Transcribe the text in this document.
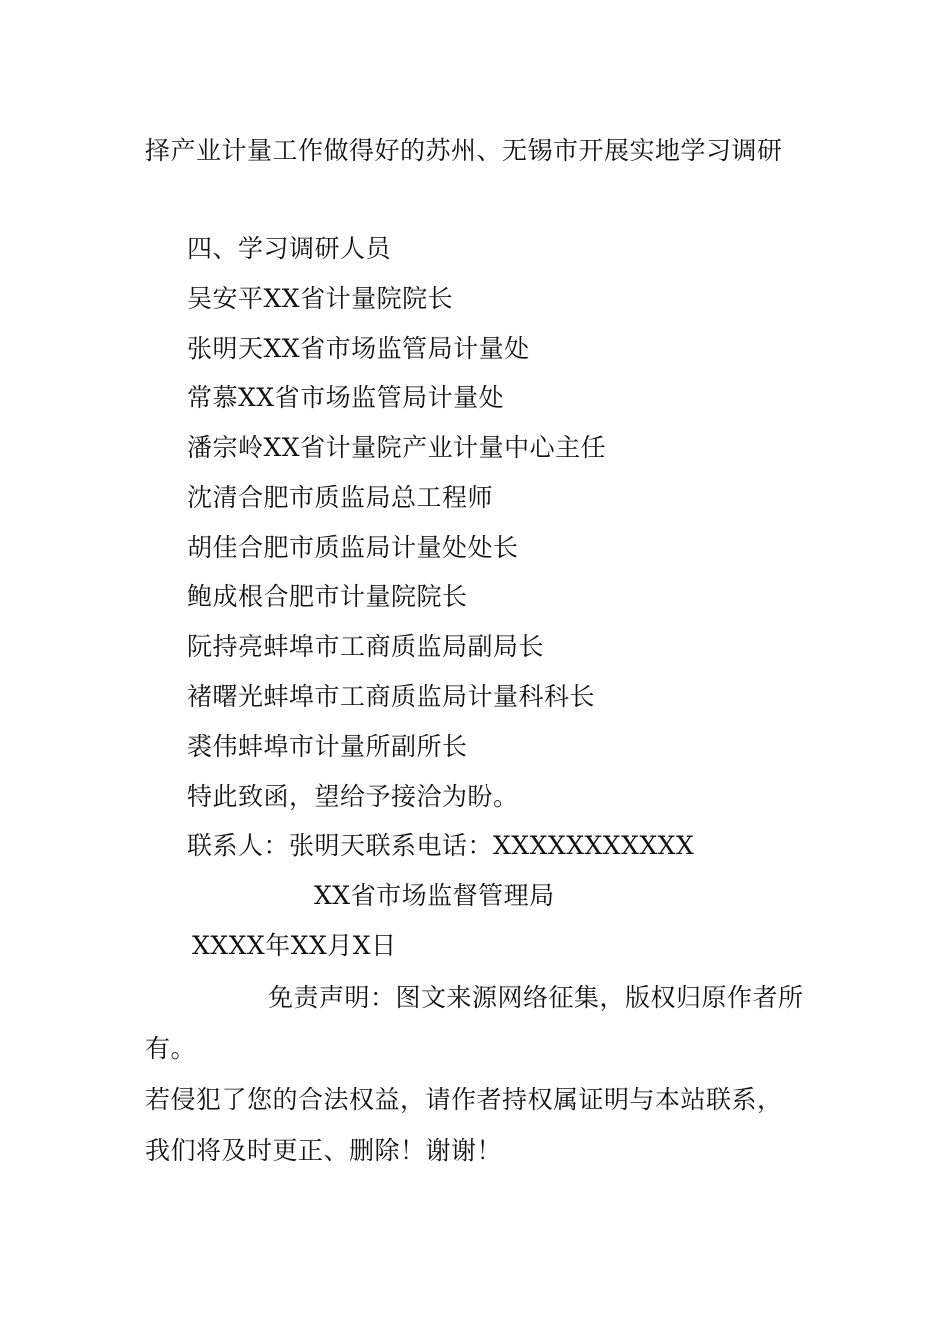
择产业计量工作做得好的苏州、无锡市开展实地学习调研
四、学习调研人员
吴安平XX省计量院院长
张明天XX省市场监管局计量处
常慕XX省市场监管局计量处
潘宗岭XX省计量院产业计量中心主任
沈清合肥市质监局总工程师
胡佳合肥市质监局计量处处长
鲍成根合肥市计量院院长
阮持亮蚌埠市工商质监局副局长
褚曙光蚌埠市工商质监局计量科科长
裘伟蚌埠市计量所副所长
特此致函，望给予接洽为盼。
联系人：张明天联系电话：XXXXXXXXXXX
XX省市场监督管理局
XXXX年XX月X日
免责声明：图文来源网络征集，版权归原作者所
有。
若侵犯了您的合法权益，请作者持权属证明与本站联系，
我们将及时更正、删除！谢谢！
